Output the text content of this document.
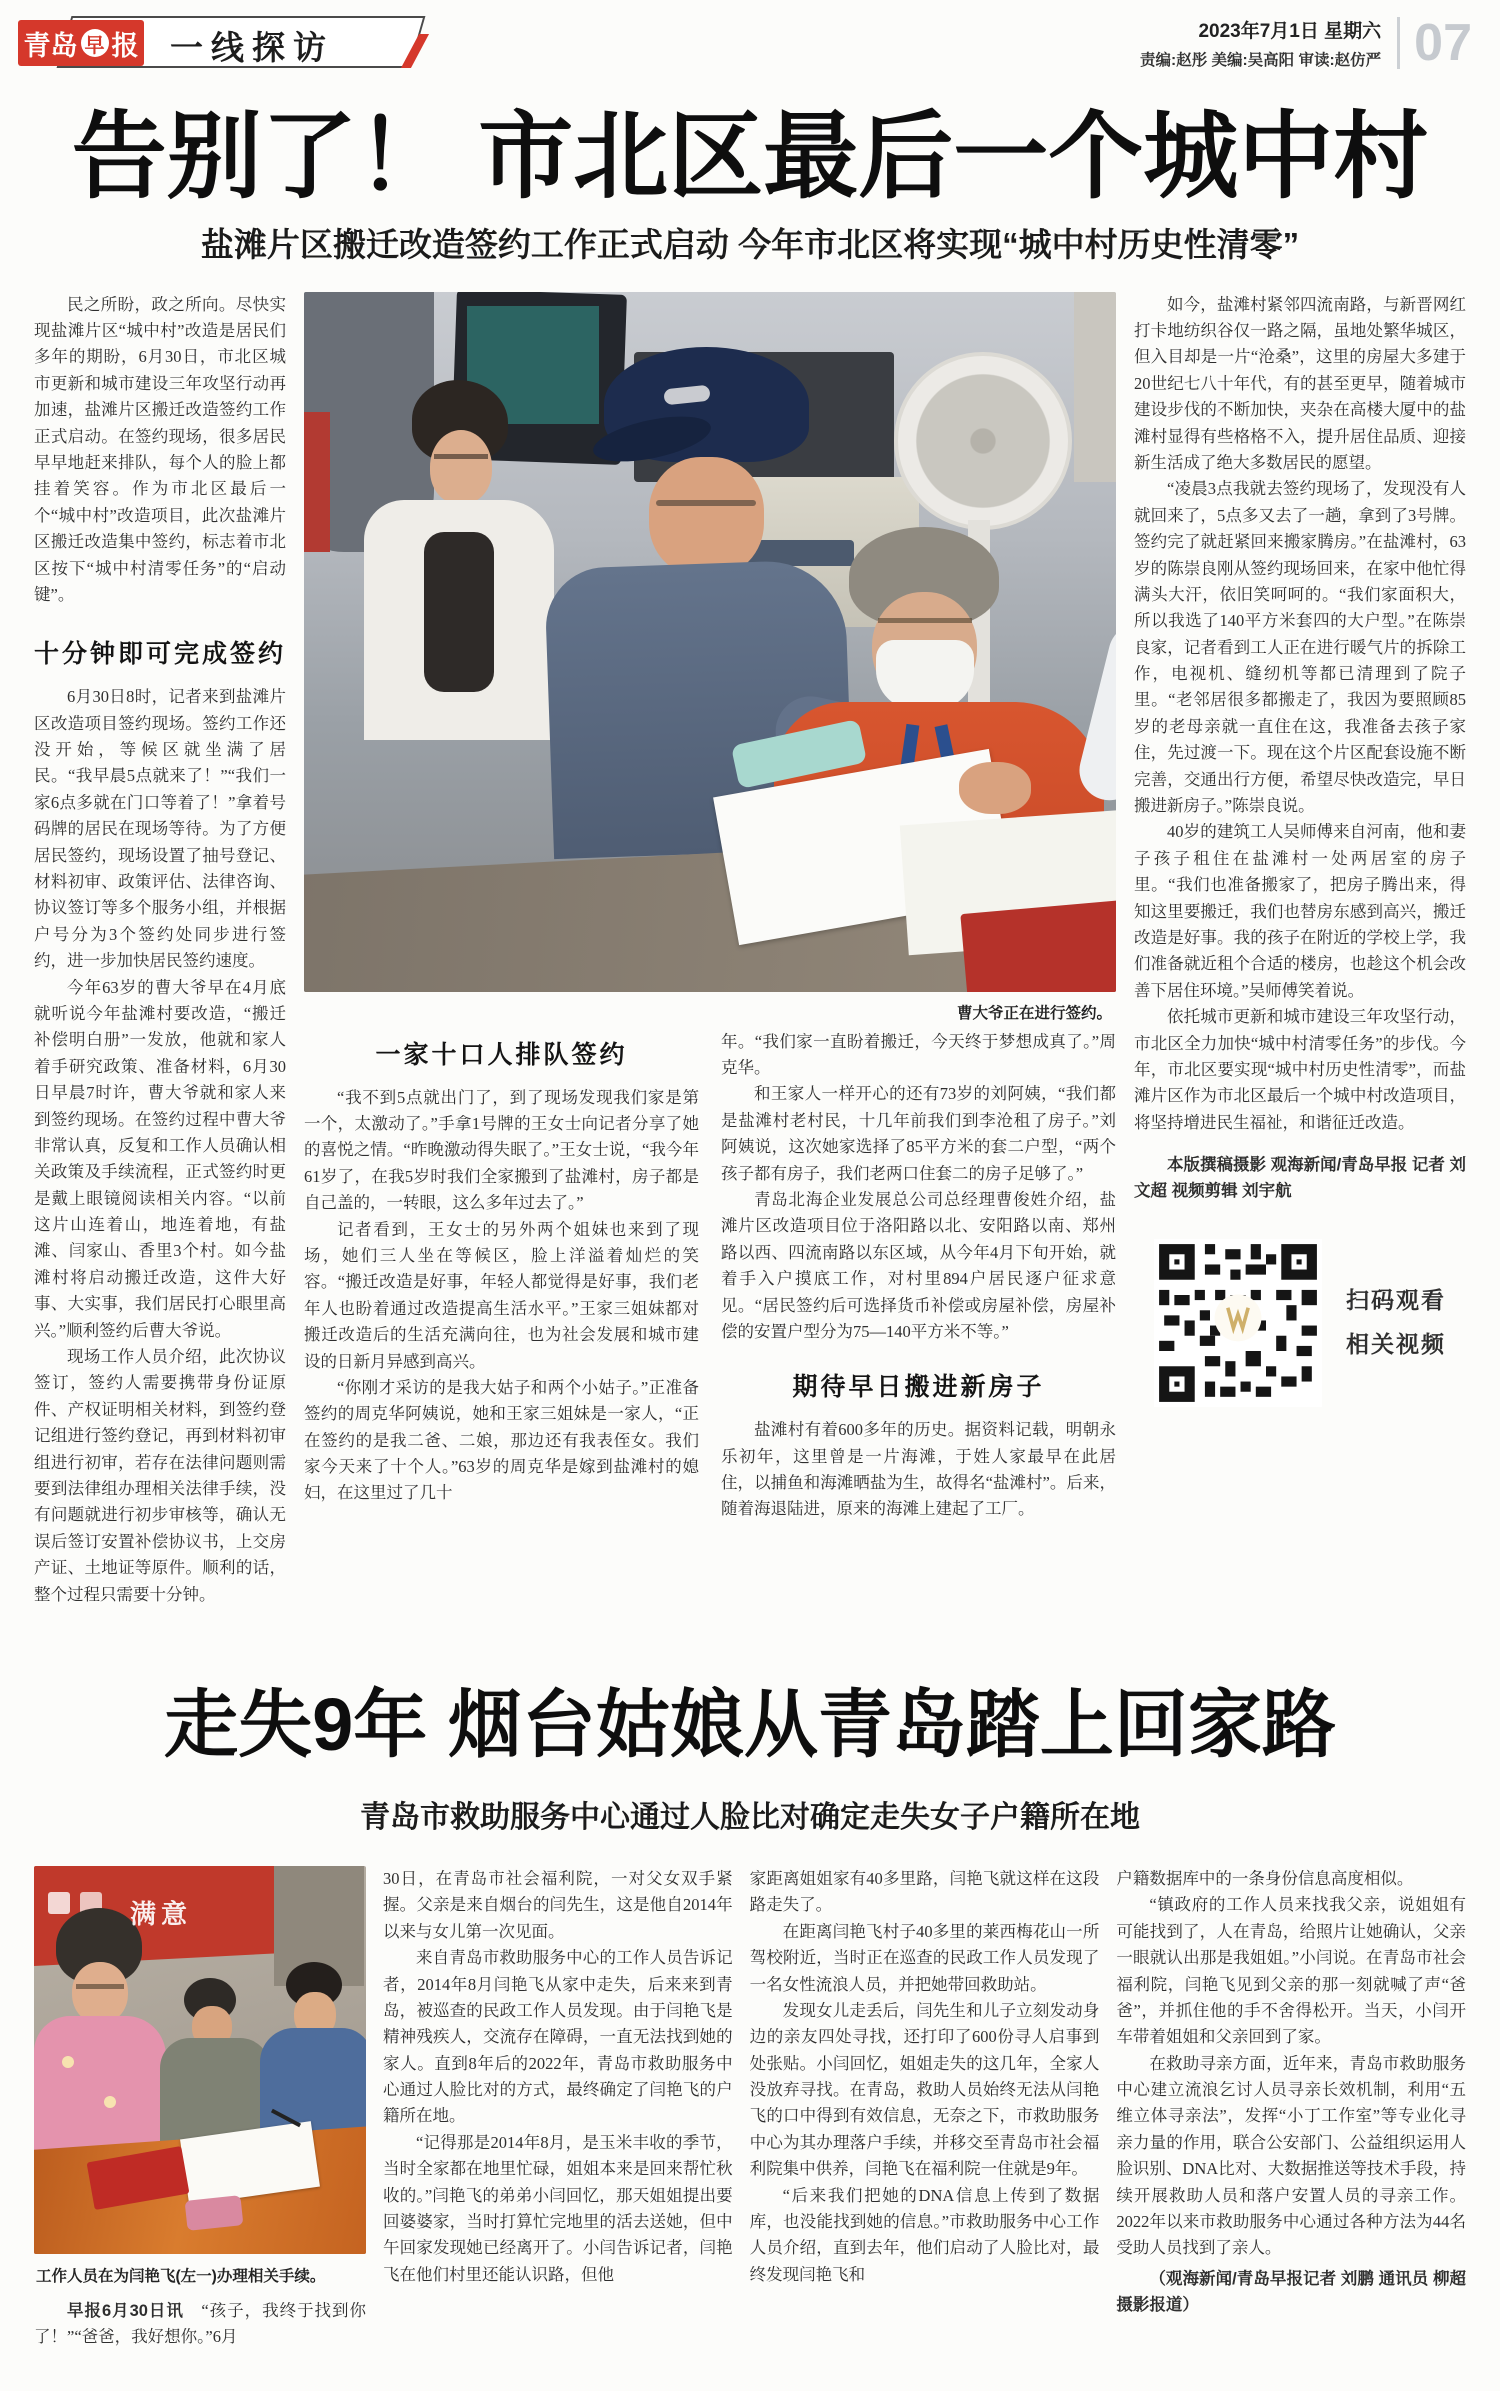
青岛 早 报 一线探访	2023年7月1日 星期六
责编:赵彤 美编:吴高阳 审读:赵仿严 07
告别了！ 市北区最后一个城中村
盐滩片区搬迁改造签约工作正式启动 今年市北区将实现“城中村历史性清零”

民之所盼，政之所向。尽快实现盐滩片区“城中村”改造是居民们多年的期盼，6月30日，市北区城市更新和城市建设三年攻坚行动再加速，盐滩片区搬迁改造签约工作正式启动。在签约现场，很多居民早早地赶来排队，每个人的脸上都挂着笑容。作为市北区最后一个“城中村”改造项目，此次盐滩片区搬迁改造集中签约，标志着市北区按下“城中村清零任务”的“启动键”。

十分钟即可完成签约

6月30日8时，记者来到盐滩片区改造项目签约现场。签约工作还没开始，等候区就坐满了居民。“我早晨5点就来了！”“我们一家6点多就在门口等着了！”拿着号码牌的居民在现场等待。为了方便居民签约，现场设置了抽号登记、材料初审、政策评估、法律咨询、协议签订等多个服务小组，并根据户号分为3个签约处同步进行签约，进一步加快居民签约速度。

今年63岁的曹大爷早在4月底就听说今年盐滩村要改造，“搬迁补偿明白册”一发放，他就和家人着手研究政策、准备材料，6月30日早晨7时许，曹大爷就和家人来到签约现场。在签约过程中曹大爷非常认真，反复和工作人员确认相关政策及手续流程，正式签约时更是戴上眼镜阅读相关内容。“以前这片山连着山，地连着地，有盐滩、闫家山、香里3个村。如今盐滩村将启动搬迁改造，这件大好事、大实事，我们居民打心眼里高兴。”顺利签约后曹大爷说。

现场工作人员介绍，此次协议签订，签约人需要携带身份证原件、产权证明相关材料，到签约登记组进行签约登记，再到材料初审组进行初审，若存在法律问题则需要到法律组办理相关法律手续，没有问题就进行初步审核等，确认无误后签订安置补偿协议书，上交房产证、土地证等原件。顺利的话，整个过程只需要十分钟。

曹大爷正在进行签约。
一家十口人排队签约

“我不到5点就出门了，到了现场发现我们家是第一个，太激动了。”手拿1号牌的王女士向记者分享了她的喜悦之情。“昨晚激动得失眠了。”王女士说，“我今年61岁了，在我5岁时我们全家搬到了盐滩村，房子都是自己盖的，一转眼，这么多年过去了。”

记者看到，王女士的另外两个姐妹也来到了现场，她们三人坐在等候区，脸上洋溢着灿烂的笑容。“搬迁改造是好事，年轻人都觉得是好事，我们老年人也盼着通过改造提高生活水平。”王家三姐妹都对搬迁改造后的生活充满向往，也为社会发展和城市建设的日新月异感到高兴。

“你刚才采访的是我大姑子和两个小姑子。”正准备签约的周克华阿姨说，她和王家三姐妹是一家人，“正在签约的是我二爸、二娘，那边还有我表侄女。我们家今天来了十个人。”63岁的周克华是嫁到盐滩村的媳妇，在这里过了几十

年。“我们家一直盼着搬迁，今天终于梦想成真了。”周克华。

和王家人一样开心的还有73岁的刘阿姨，“我们都是盐滩村老村民，十几年前我们到李沧租了房子。”刘阿姨说，这次她家选择了85平方米的套二户型，“两个孩子都有房子，我们老两口住套二的房子足够了。”

青岛北海企业发展总公司总经理曹俊姓介绍，盐滩片区改造项目位于洛阳路以北、安阳路以南、郑州路以西、四流南路以东区域，从今年4月下旬开始，就着手入户摸底工作，对村里894户居民逐户征求意见。“居民签约后可选择货币补偿或房屋补偿，房屋补偿的安置户型分为75—140平方米不等。”

期待早日搬进新房子

盐滩村有着600多年的历史。据资料记载，明朝永乐初年，这里曾是一片海滩，于姓人家最早在此居住，以捕鱼和海滩晒盐为生，故得名“盐滩村”。后来，随着海退陆进，原来的海滩上建起了工厂。

如今，盐滩村紧邻四流南路，与新晋网红打卡地纺织谷仅一路之隔，虽地处繁华城区，但入目却是一片“沧桑”，这里的房屋大多建于20世纪七八十年代，有的甚至更早，随着城市建设步伐的不断加快，夹杂在高楼大厦中的盐滩村显得有些格格不入，提升居住品质、迎接新生活成了绝大多数居民的愿望。

“凌晨3点我就去签约现场了，发现没有人就回来了，5点多又去了一趟，拿到了3号牌。签约完了就赶紧回来搬家腾房。”在盐滩村，63岁的陈崇良刚从签约现场回来，在家中他忙得满头大汗，依旧笑呵呵的。“我们家面积大，所以我选了140平方米套四的大户型。”在陈崇良家，记者看到工人正在进行暖气片的拆除工作，电视机、缝纫机等都已清理到了院子里。“老邻居很多都搬走了，我因为要照顾85岁的老母亲就一直住在这，我准备去孩子家住，先过渡一下。现在这个片区配套设施不断完善，交通出行方便，希望尽快改造完，早日搬进新房子。”陈崇良说。

40岁的建筑工人吴师傅来自河南，他和妻子孩子租住在盐滩村一处两居室的房子里。“我们也准备搬家了，把房子腾出来，得知这里要搬迁，我们也替房东感到高兴，搬迁改造是好事。我的孩子在附近的学校上学，我们准备就近租个合适的楼房，也趁这个机会改善下居住环境。”吴师傅笑着说。

依托城市更新和城市建设三年攻坚行动，市北区全力加快“城中村清零任务”的步伐。今年，市北区要实现“城中村历史性清零”，而盐滩片区作为市北区最后一个城中村改造项目，将坚持增进民生福祉，和谐征迁改造。

本版撰稿摄影 观海新闻/青岛早报 记者 刘文超 视频剪辑 刘宇航

扫码观看
相关视频
走失9年 烟台姑娘从青岛踏上回家路
青岛市救助服务中心通过人脸比对确定走失女子户籍所在地
满意
工作人员在为闫艳飞(左一)办理相关手续。

早报6月30日讯　“孩子，我终于找到你了！”“爸爸，我好想你。”6月

30日，在青岛市社会福利院，一对父女双手紧握。父亲是来自烟台的闫先生，这是他自2014年以来与女儿第一次见面。

来自青岛市救助服务中心的工作人员告诉记者，2014年8月闫艳飞从家中走失，后来来到青岛，被巡查的民政工作人员发现。由于闫艳飞是精神残疾人，交流存在障碍，一直无法找到她的家人。直到8年后的2022年，青岛市救助服务中心通过人脸比对的方式，最终确定了闫艳飞的户籍所在地。

“记得那是2014年8月，是玉米丰收的季节，当时全家都在地里忙碌，姐姐本来是回来帮忙秋收的。”闫艳飞的弟弟小闫回忆，那天姐姐提出要回婆婆家，当时打算忙完地里的活去送她，但中午回家发现她已经离开了。小闫告诉记者，闫艳飞在他们村里还能认识路，但他

家距离姐姐家有40多里路，闫艳飞就这样在这段路走失了。

在距离闫艳飞村子40多里的莱西梅花山一所驾校附近，当时正在巡查的民政工作人员发现了一名女性流浪人员，并把她带回救助站。

发现女儿走丢后，闫先生和儿子立刻发动身边的亲友四处寻找，还打印了600份寻人启事到处张贴。小闫回忆，姐姐走失的这几年，全家人没放弃寻找。在青岛，救助人员始终无法从闫艳飞的口中得到有效信息，无奈之下，市救助服务中心为其办理落户手续，并移交至青岛市社会福利院集中供养，闫艳飞在福利院一住就是9年。

“后来我们把她的DNA信息上传到了数据库，也没能找到她的信息。”市救助服务中心工作人员介绍，直到去年，他们启动了人脸比对，最终发现闫艳飞和

户籍数据库中的一条身份信息高度相似。

“镇政府的工作人员来找我父亲，说姐姐有可能找到了，人在青岛，给照片让她确认，父亲一眼就认出那是我姐姐。”小闫说。在青岛市社会福利院，闫艳飞见到父亲的那一刻就喊了声“爸爸”，并抓住他的手不舍得松开。当天，小闫开车带着姐姐和父亲回到了家。

在救助寻亲方面，近年来，青岛市救助服务中心建立流浪乞讨人员寻亲长效机制，利用“五维立体寻亲法”，发挥“小丁工作室”等专业化寻亲力量的作用，联合公安部门、公益组织运用人脸识别、DNA比对、大数据推送等技术手段，持续开展救助人员和落户安置人员的寻亲工作。2022年以来市救助服务中心通过各种方法为44名受助人员找到了亲人。

（观海新闻/青岛早报记者 刘鹏 通讯员 柳超 摄影报道）
